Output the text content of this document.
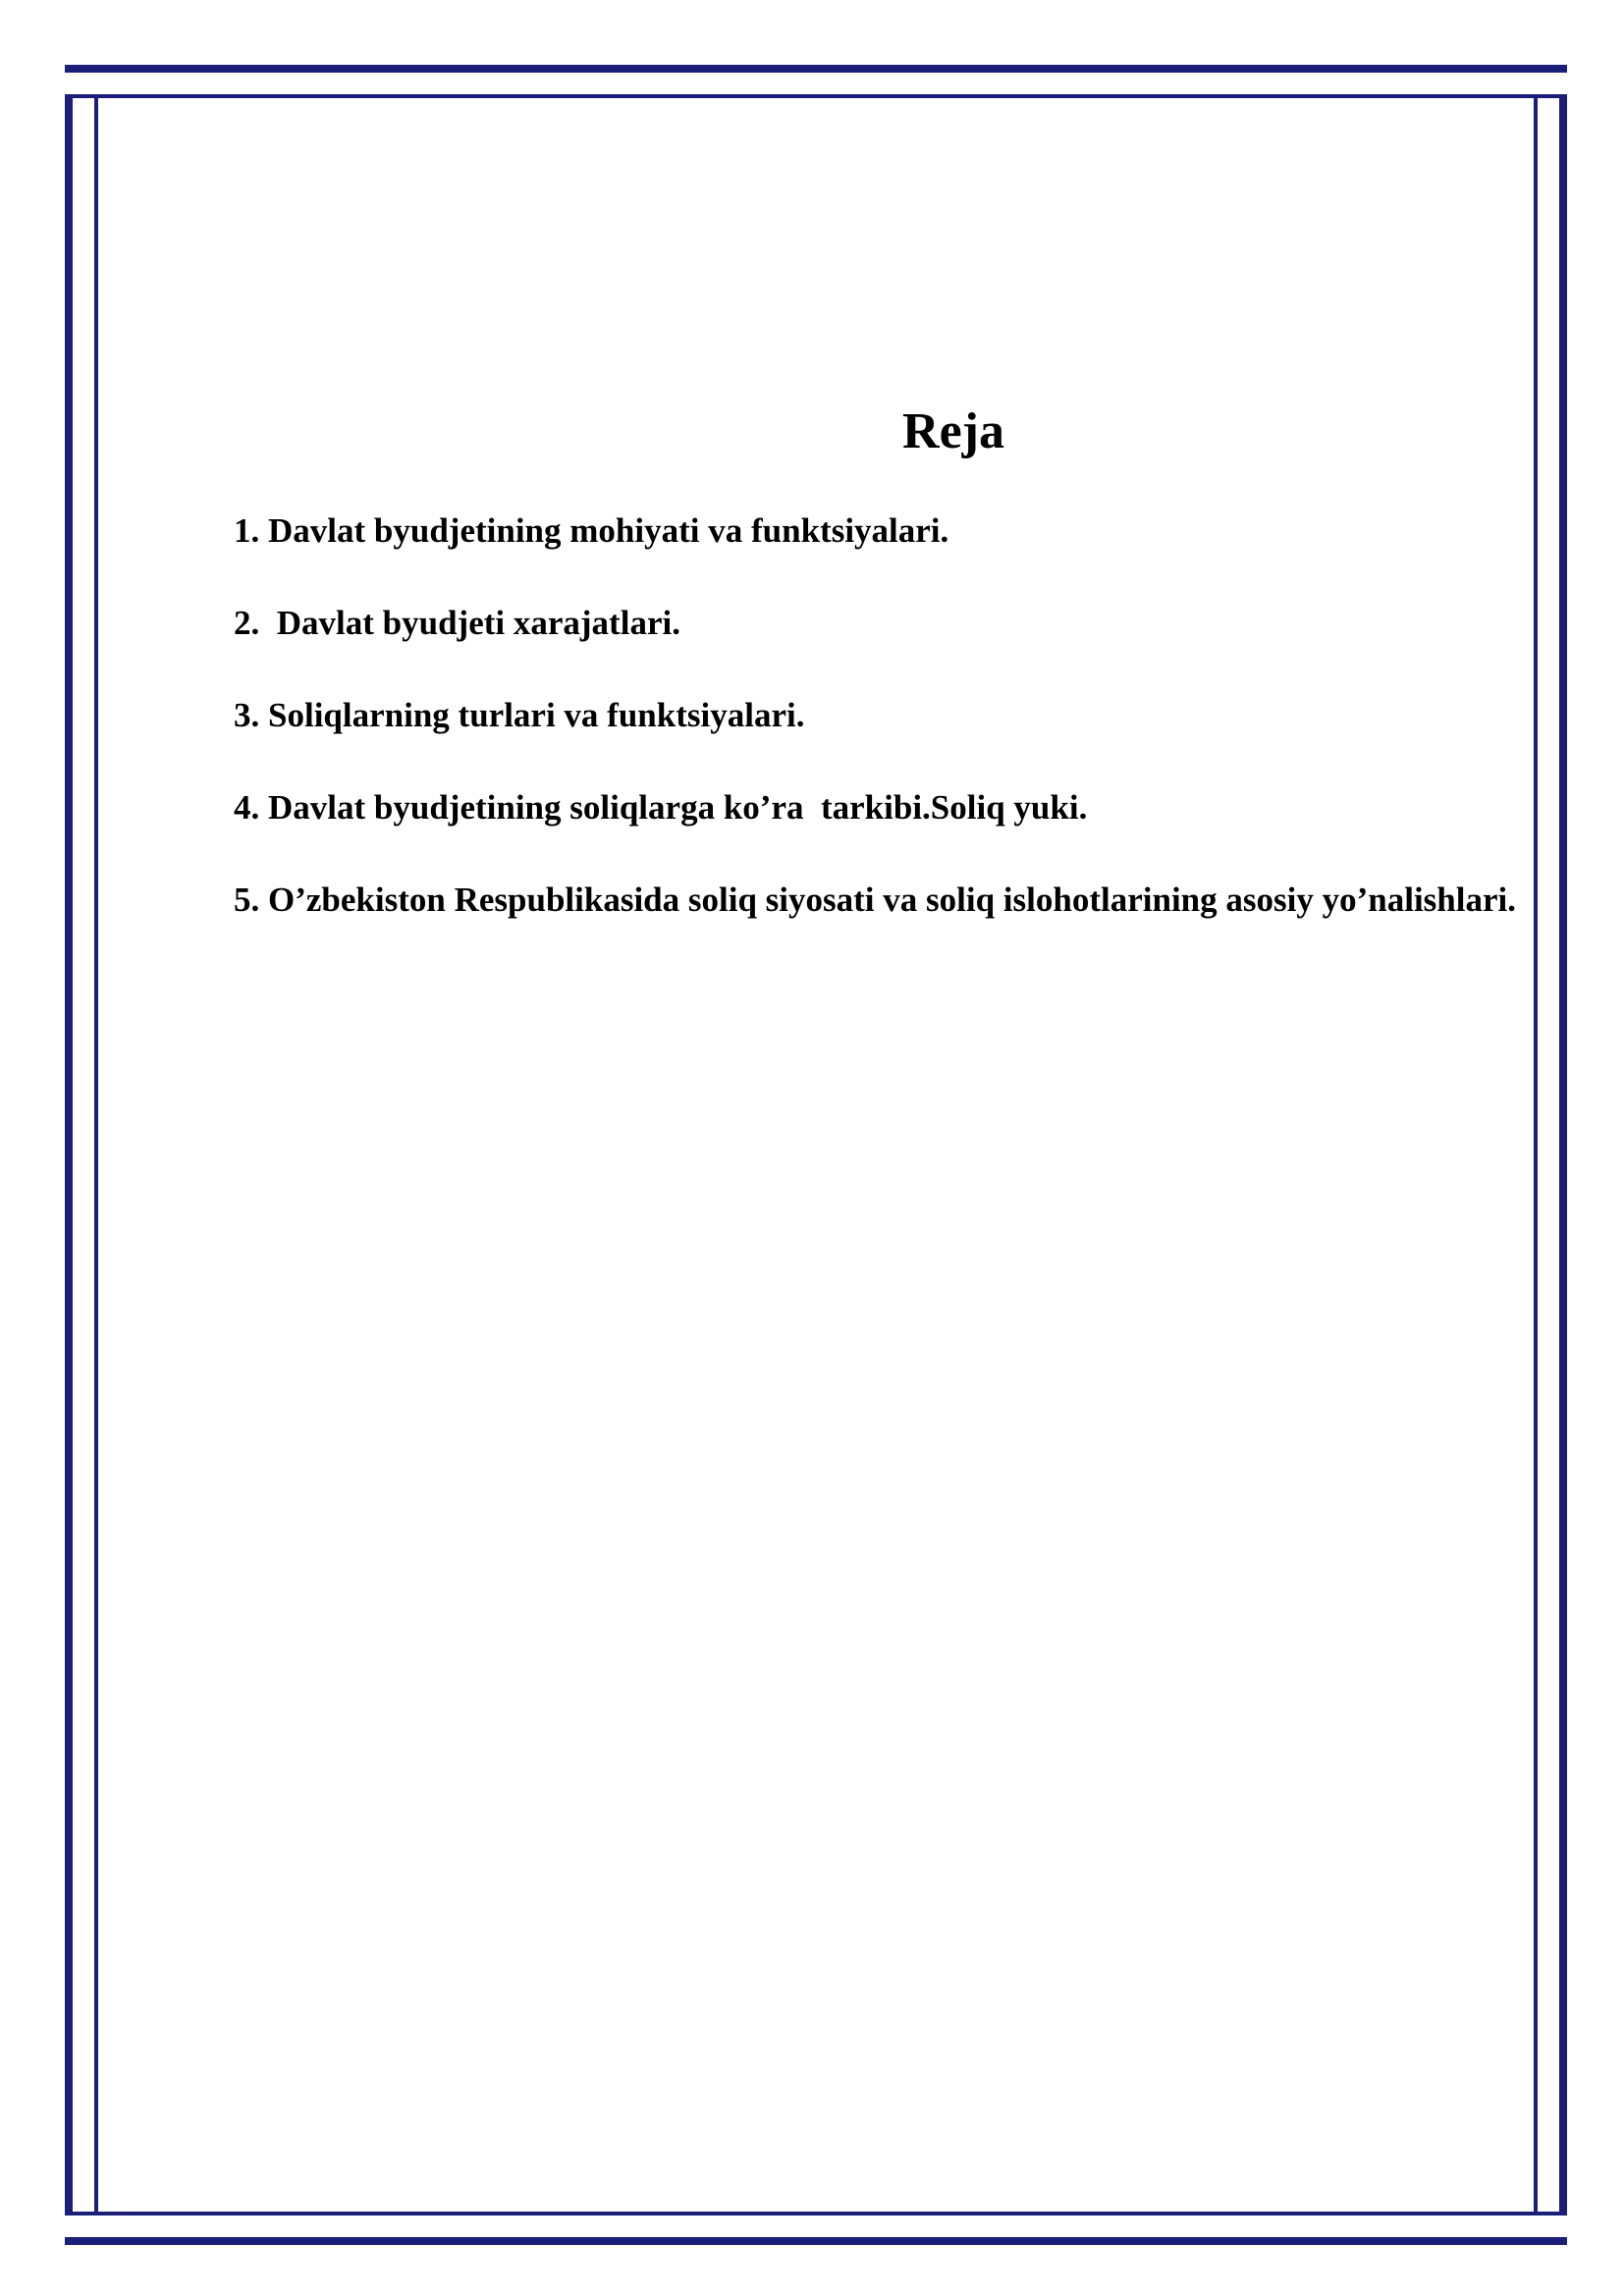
Reja

1. Davlat byudjetining mohiyati va funktsiyalari.

2.  Davlat byudjeti xarajatlari.

3. Soliqlarning turlari va funktsiyalari.

4. Davlat byudjetining soliqlarga ko’ra  tarkibi.Soliq yuki.

5. O’zbekiston Respublikasida soliq siyosati va soliq islohotlarining asosiy yo’nalishlari.
